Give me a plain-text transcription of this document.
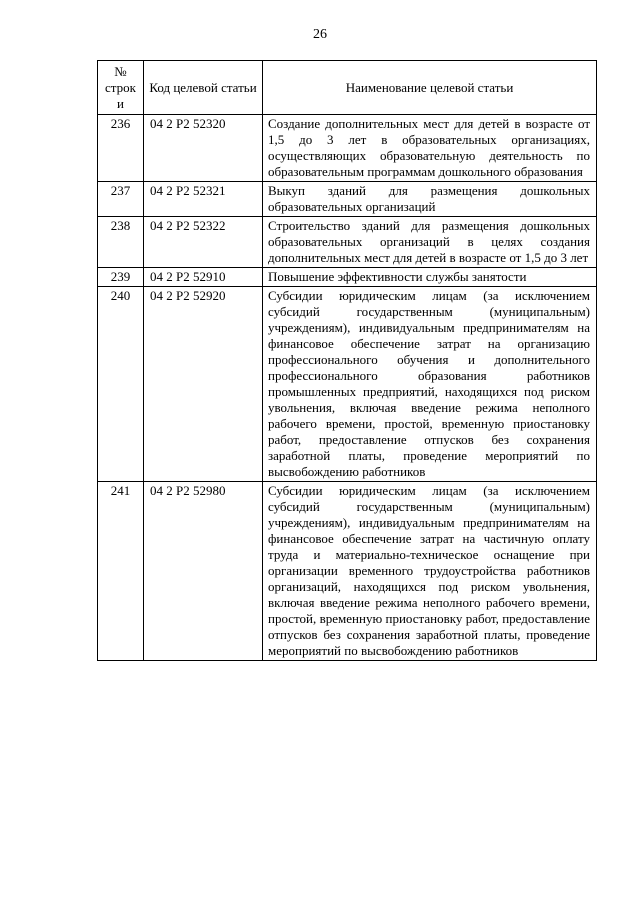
26
№ строк и	Код целевой статьи	Наименование целевой статьи
236	04 2 Р2 52320	Создание дополнительных мест для детей в возрасте от 1,5 до 3 лет в образовательных организациях, осуществляющих образовательную деятельность по образовательным программам дошкольного образования
237	04 2 Р2 52321	Выкуп зданий для размещения дошкольных образовательных организаций
238	04 2 Р2 52322	Строительство зданий для размещения дошкольных образовательных организаций в целях создания дополнительных мест для детей в возрасте от 1,5 до 3 лет
239	04 2 Р2 52910	Повышение эффективности службы занятости
240	04 2 Р2 52920	Субсидии юридическим лицам (за исключением субсидий государственным (муниципальным) учреждениям), индивидуальным предпринимателям на финансовое обеспечение затрат на организацию профессионального обучения и дополнительного профессионального образования работников промышленных предприятий, находящихся под риском увольнения, включая введение режима неполного рабочего времени, простой, временную приостановку работ, предоставление отпусков без сохранения заработной платы, проведение мероприятий по высвобождению работников
241	04 2 Р2 52980	Субсидии юридическим лицам (за исключением субсидий государственным (муниципальным) учреждениям), индивидуальным предпринимателям на финансовое обеспечение затрат на частичную оплату труда и материально-техническое оснащение при организации временного трудоустройства работников организаций, находящихся под риском увольнения, включая введение режима неполного рабочего времени, простой, временную приостановку работ, предоставление отпусков без сохранения заработной платы, проведение мероприятий по высвобождению работников
